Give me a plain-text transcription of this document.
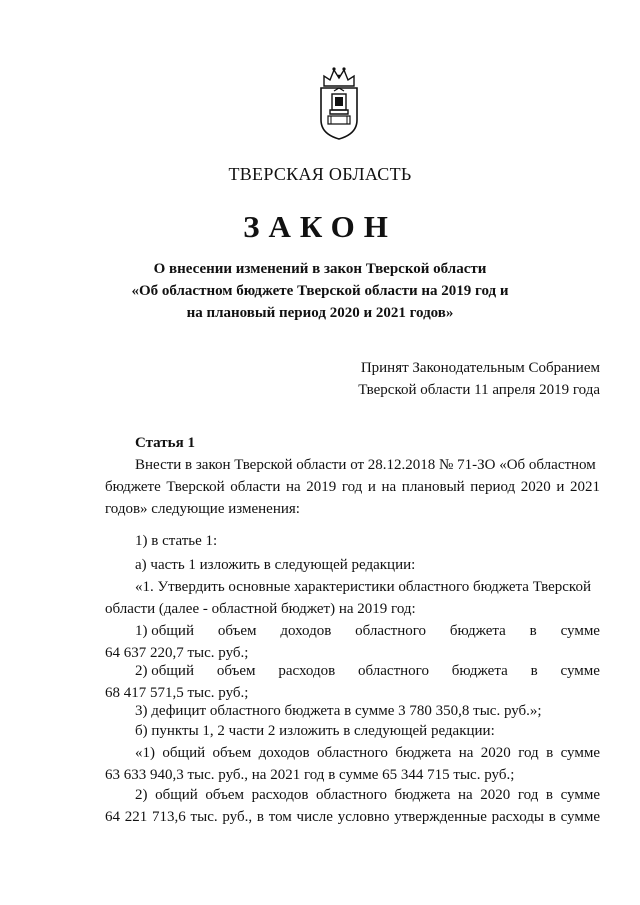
ТВЕРСКАЯ ОБЛАСТЬ
ЗАКОН
О внесении изменений в закон Тверской области
«Об областном бюджете Тверской области на 2019 год и
на плановый период 2020 и 2021 годов»
Принят Законодательным Собранием
Тверской области 11 апреля 2019 года
Статья 1
Внести в закон Тверской области от 28.12.2018 № 71-ЗО «Об областном
бюджете Тверской области на 2019 год и на плановый период 2020 и 2021
годов» следующие изменения:
1) в статье 1:
а) часть 1 изложить в следующей редакции:
«1. Утвердить основные характеристики областного бюджета Тверской
области (далее - областной бюджет) на 2019 год:
1) общий объем доходов областного бюджета в сумме
64 637 220,7 тыс. руб.;
2) общий объем расходов областного бюджета в сумме
68 417 571,5 тыс. руб.;
3) дефицит областного бюджета в сумме 3 780 350,8 тыс. руб.»;
б) пункты 1, 2 части 2 изложить в следующей редакции:
«1) общий объем доходов областного бюджета на 2020 год в сумме
63 633 940,3 тыс. руб., на 2021 год в сумме 65 344 715 тыс. руб.;
2) общий объем расходов областного бюджета на 2020 год в сумме
64 221 713,6 тыс. руб., в том числе условно утвержденные расходы в сумме
